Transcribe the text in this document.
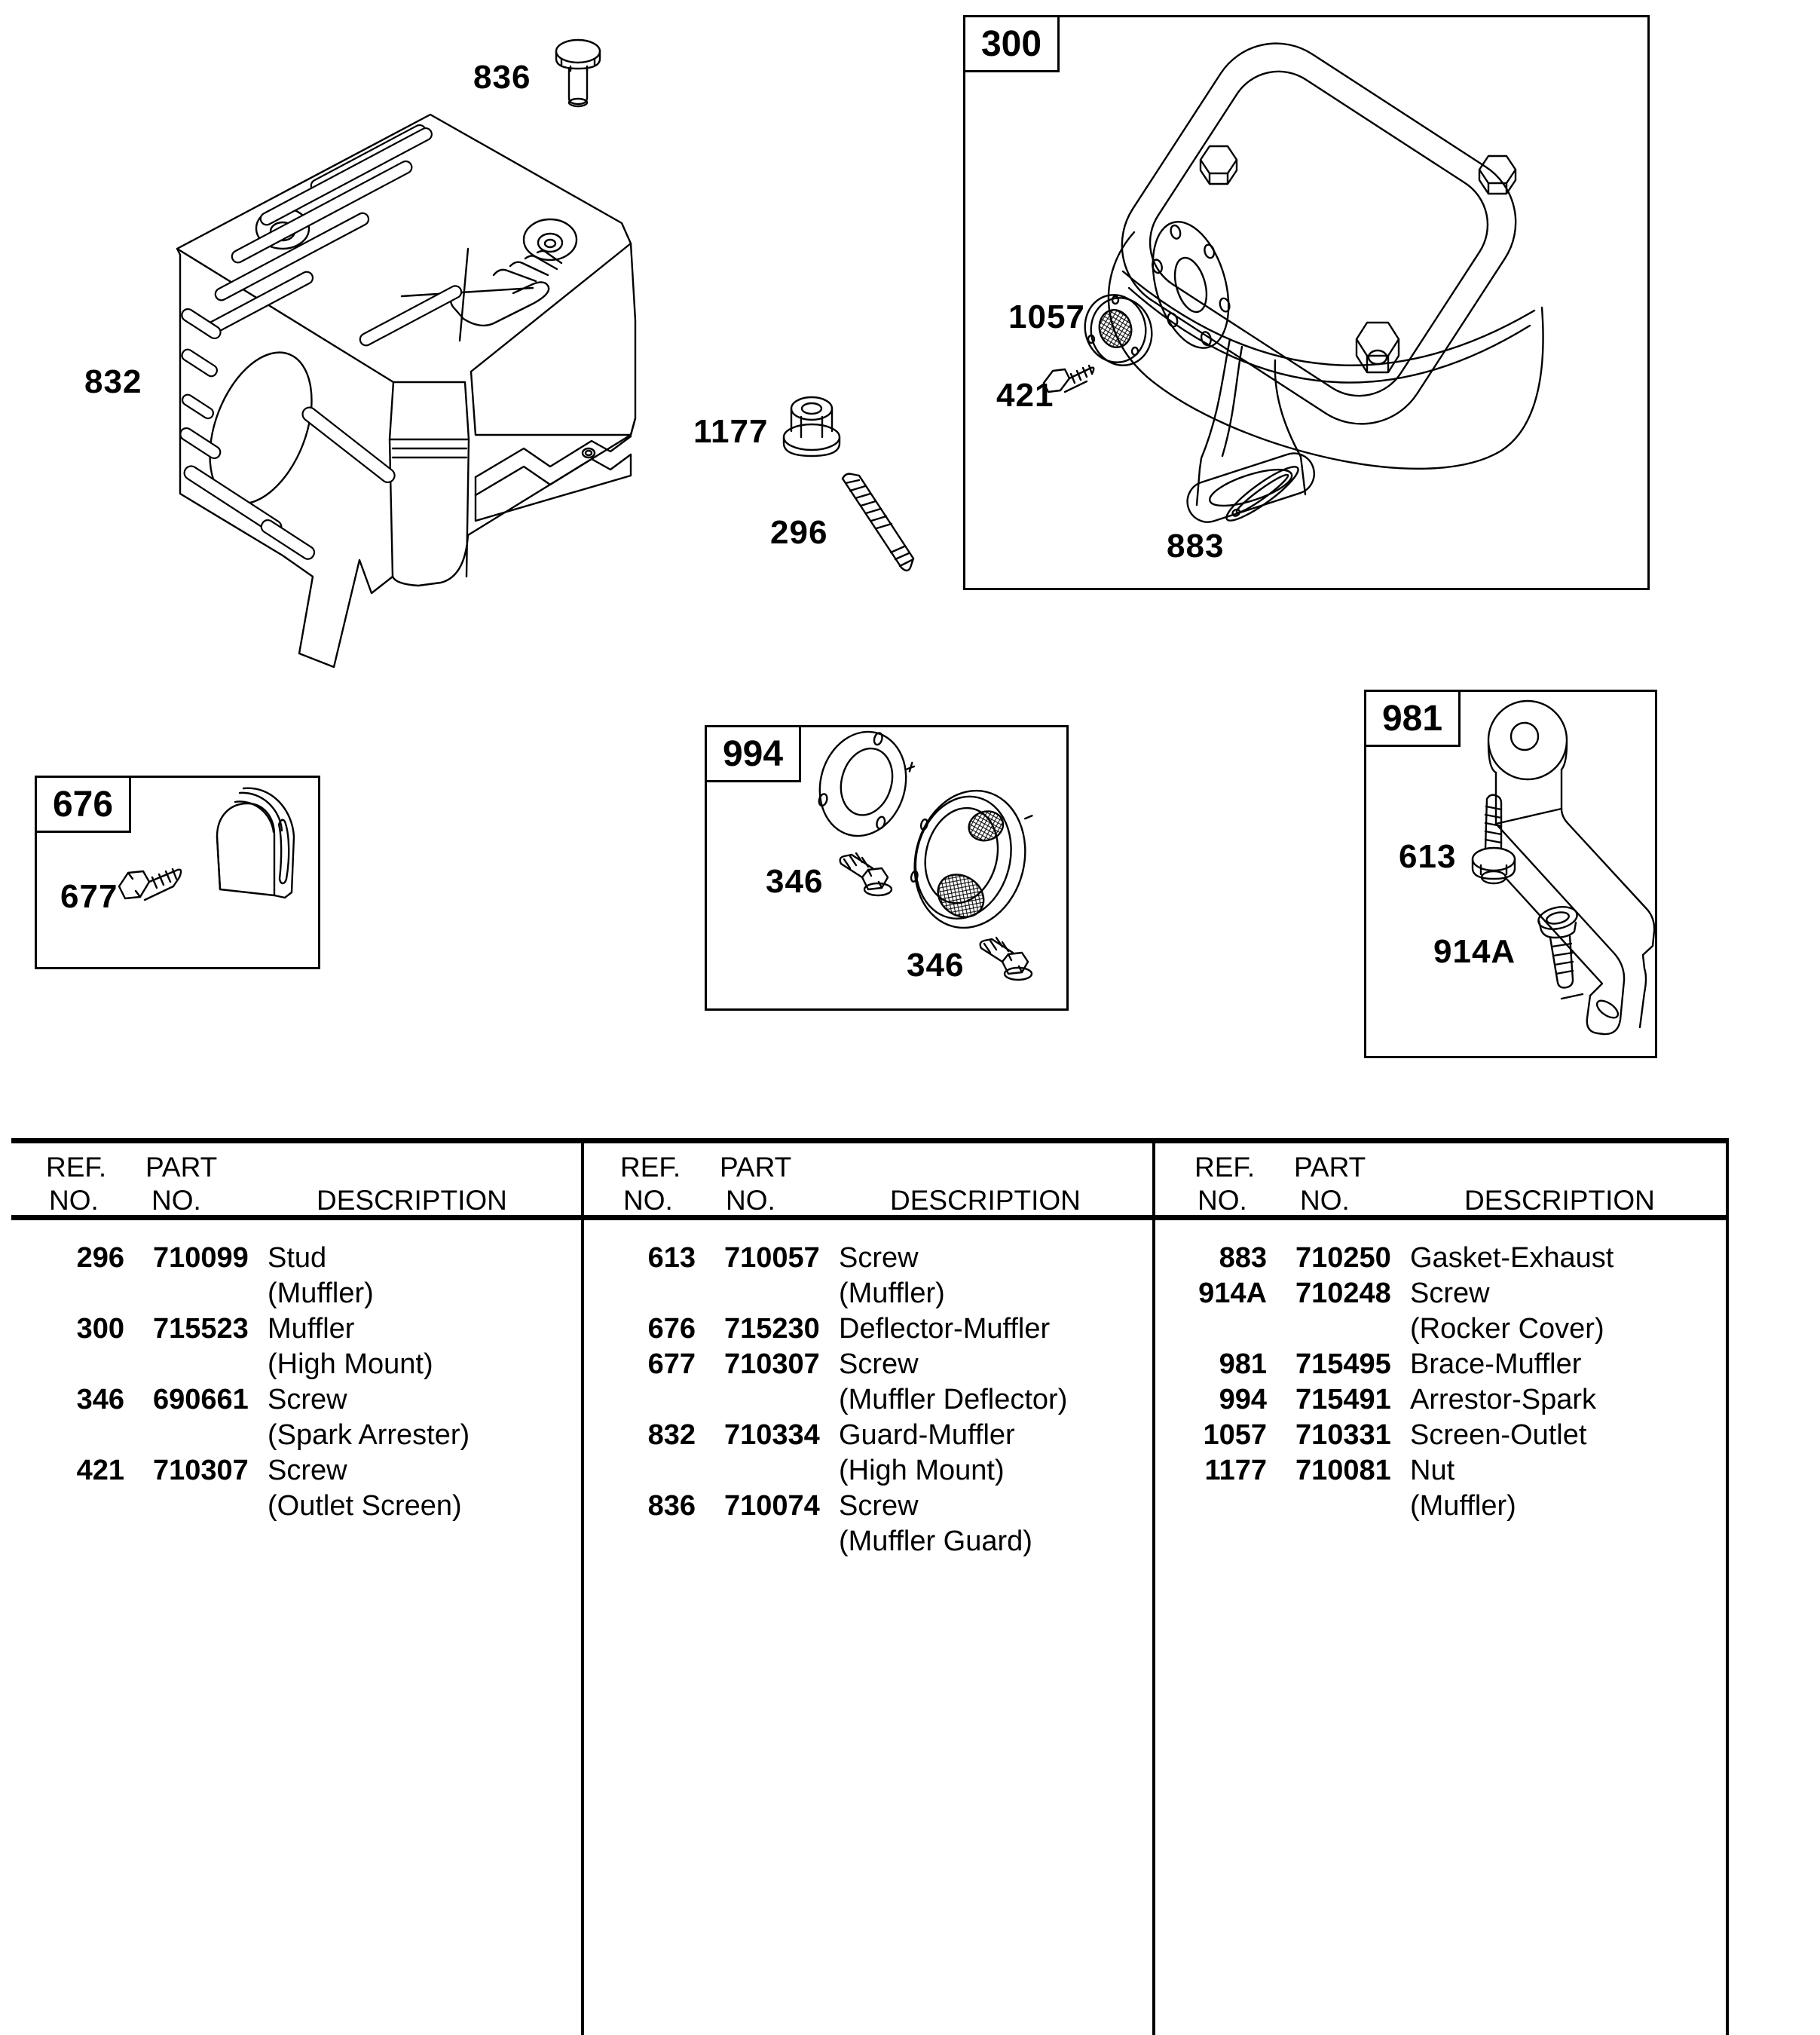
836
832
1177
296
1057
421
883
677	346
346
613
914A
300
676
994
981
REF. PART
NO. NO.	DESCRIPTION
296 710099 Stud
(Muffler)
300 715523 Muffler
(High Mount)
346 690661 Screw
(Spark Arrester)
421 710307 Screw
(Outlet Screen)
REF. PART
NO. NO.	DESCRIPTION
613 710057 Screw
(Muffler)
676 715230 Deflector-Muffler
677 710307 Screw
(Muffler Deflector)
832 710334 Guard-Muffler
(High Mount)
836 710074 Screw
(Muffler Guard)
REF. PART
NO. NO.	DESCRIPTION
883 710250 Gasket-Exhaust
914A 710248 Screw
(Rocker Cover)
981 715495 Brace-Muffler
994 715491 Arrestor-Spark
1057 710331 Screen-Outlet
1177 710081 Nut
(Muffler)
